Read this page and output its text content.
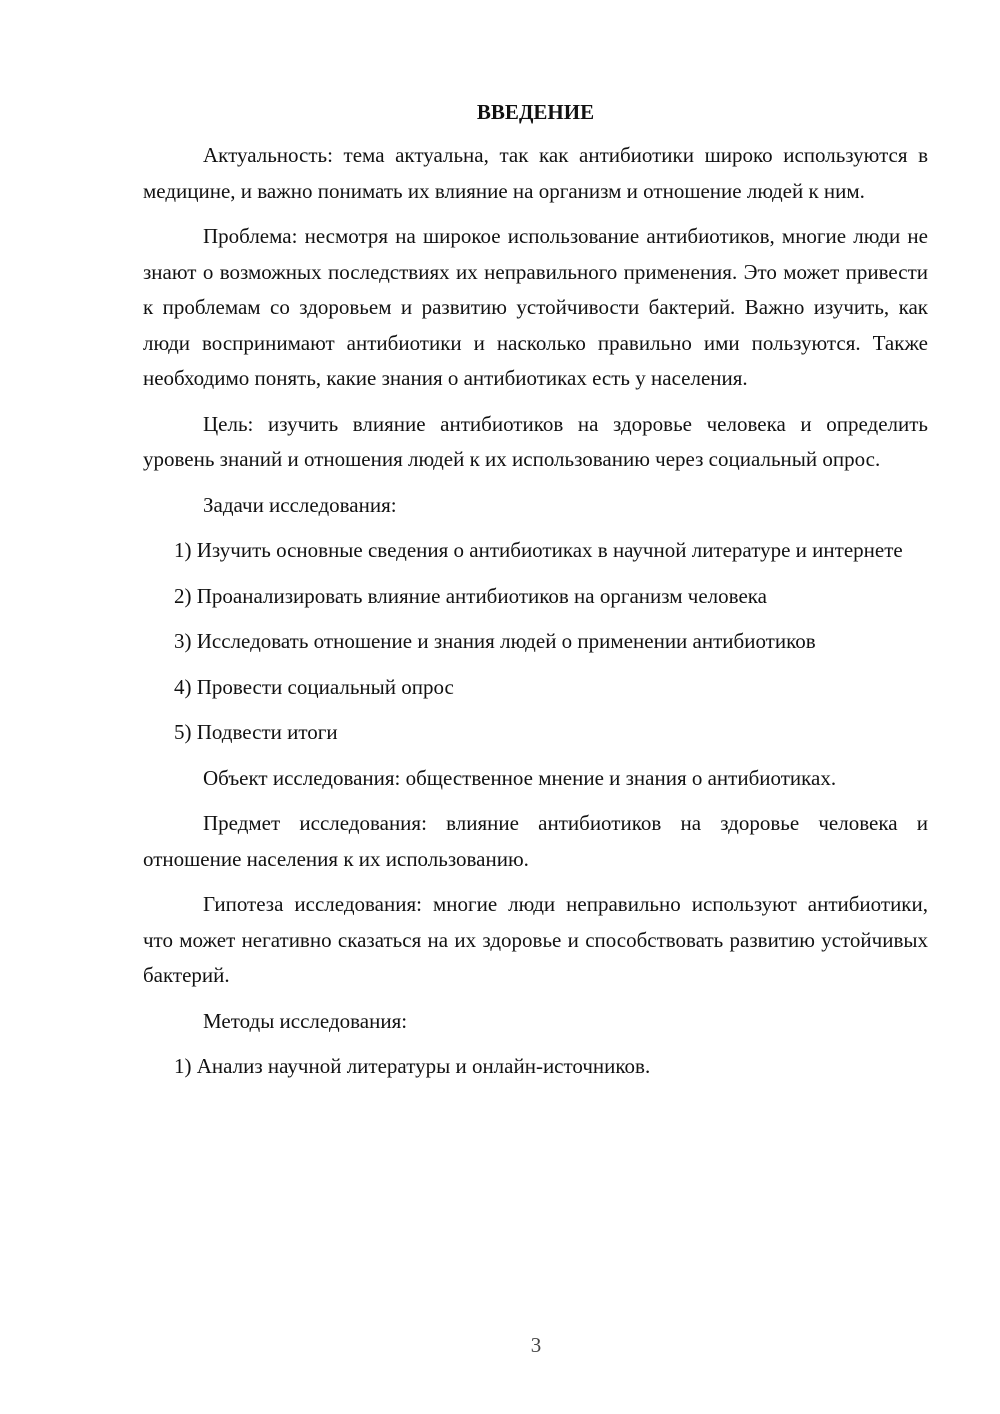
ВВЕДЕНИЕ

Актуальность: тема актуальна, так как антибиотики широко используются в медицине, и важно понимать их влияние на организм и отношение людей к ним.

Проблема: несмотря на широкое использование антибиотиков, многие люди не знают о возможных последствиях их неправильного применения. Это может привести к проблемам со здоровьем и развитию устойчивости бактерий. Важно изучить, как люди воспринимают антибиотики и насколько правильно ими пользуются. Также необходимо понять, какие знания о антибиотиках есть у населения.

Цель: изучить влияние антибиотиков на здоровье человека и определить уровень знаний и отношения людей к их использованию через социальный опрос.

Задачи исследования:

1) Изучить основные сведения о антибиотиках в научной литературе и интернете

2) Проанализировать влияние антибиотиков на организм человека

3) Исследовать отношение и знания людей о применении антибиотиков

4) Провести социальный опрос

5) Подвести итоги

Объект исследования: общественное мнение и знания о антибиотиках.

Предмет исследования: влияние антибиотиков на здоровье человека и отношение населения к их использованию.

Гипотеза исследования: многие люди неправильно используют антибиотики, что может негативно сказаться на их здоровье и способствовать развитию устойчивых бактерий.

Методы исследования:

1) Анализ научной литературы и онлайн-источников.

3
